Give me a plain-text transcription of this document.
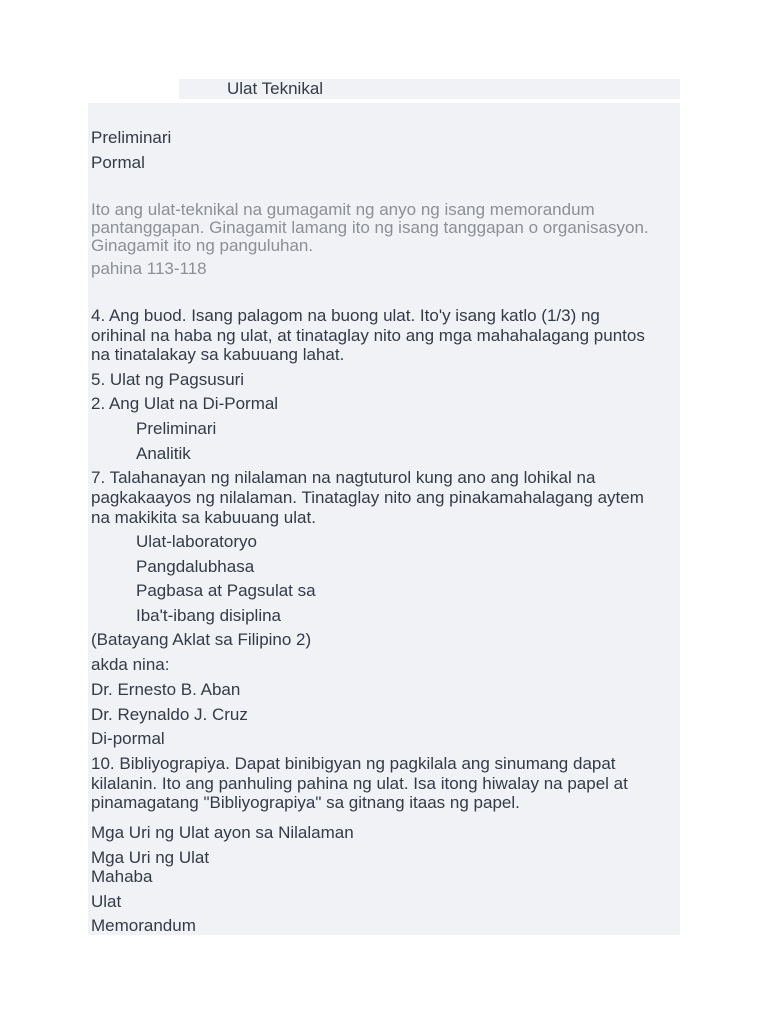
Ulat Teknikal
Preliminari
Pormal
Ito ang ulat-teknikal na gumagamit ng anyo ng isang memorandum
pantanggapan. Ginagamit lamang ito ng isang tanggapan o organisasyon.
Ginagamit ito ng panguluhan.
pahina 113-118
4. Ang buod. Isang palagom na buong ulat. Ito'y isang katlo (1/3) ng
orihinal na haba ng ulat, at tinataglay nito ang mga mahahalagang puntos
na tinatalakay sa kabuuang lahat.
5. Ulat ng Pagsusuri
2. Ang Ulat na Di-Pormal
Preliminari
Analitik
7. Talahanayan ng nilalaman na nagtuturol kung ano ang lohikal na
pagkakaayos ng nilalaman. Tinataglay nito ang pinakamahalagang aytem
na makikita sa kabuuang ulat.
Ulat-laboratoryo
Pangdalubhasa
Pagbasa at Pagsulat sa
Iba't-ibang disiplina
(Batayang Aklat sa Filipino 2)
akda nina:
Dr. Ernesto B. Aban
Dr. Reynaldo J. Cruz
Di-pormal
10. Bibliyograpiya. Dapat binibigyan ng pagkilala ang sinumang dapat
kilalanin. Ito ang panhuling pahina ng ulat. Isa itong hiwalay na papel at
pinamagatang "Bibliyograpiya" sa gitnang itaas ng papel.
Mga Uri ng Ulat ayon sa Nilalaman
Mga Uri ng Ulat
Mahaba
Ulat
Memorandum
